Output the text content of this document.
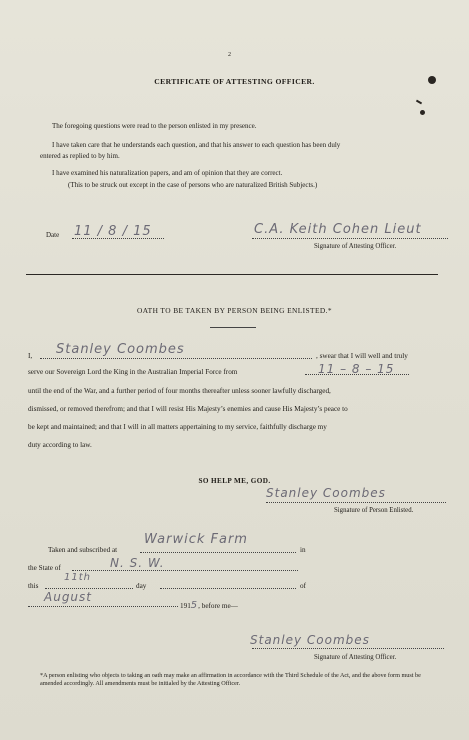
2
CERTIFICATE OF ATTESTING OFFICER.
The foregoing questions were read to the person enlisted in my presence.
I have taken care that he understands each question, and that his answer to each question has been duly
entered as replied to by him.
I have examined his naturalization papers, and am of opinion that they are correct.
(This to be struck out except in the case of persons who are naturalized British Subjects.)
Date 11 / 8 / 15	C.A. Keith Cohen Lieut
Signature of Attesting Officer.
OATH TO BE TAKEN BY PERSON BEING ENLISTED.*
I, Stanley Coombes	, swear that I will well and truly
serve our Sovereign Lord the King in the Australian Imperial Force from	11 – 8 – 15
until the end of the War, and a further period of four months thereafter unless sooner lawfully discharged,
dismissed, or removed therefrom; and that I will resist His Majesty’s enemies and cause His Majesty’s peace to
be kept and maintained; and that I will in all matters appertaining to my service, faithfully discharge my
duty according to law.
SO HELP ME, GOD.
Stanley Coombes
Signature of Person Enlisted.
Taken and subscribed at
Warwick Farm
in
the State of	N. S. W.
this
11th
day	of
August
1915, before me—
Stanley Coombes
Signature of Attesting Officer.
*A person enlisting who objects to taking an oath may make an affirmation in accordance with the Third Schedule of the Act, and the above form must be amended accordingly. All amendments must be initialed by the Attesting Officer.
